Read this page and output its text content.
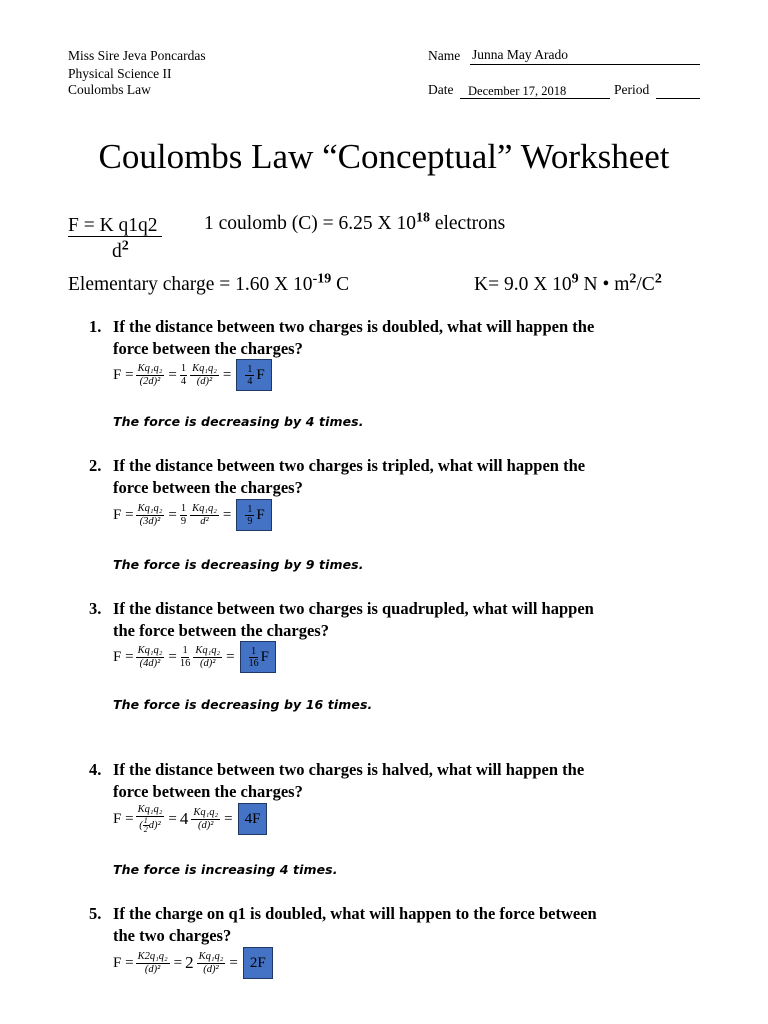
Miss Sire Jeva Poncardas
Physical Science II
Coulombs Law
Name Junna May Arado
Date December 17, 2018	Period
Coulombs Law “Conceptual” Worksheet
F = K q1q2
$d^2$
1 coulomb (C) = 6.25 X $10^{18}$ electrons
Elementary charge = 1.60 X $10^{-19}$ C	K= 9.0 X $10^9$ N • $m^2/C^2$
1. If the distance between two charges is doubled, what will happen the
force between the charges?
$F = \frac{\text{Kq₁q₂}}{\text{(2d)²}} = \frac{1}{4} \frac{\text{Kq₁q₂}}{\text{(d)²}} = \frac{1}{4}$ F
The force is decreasing by 4 times.
2. If the distance between two charges is tripled, what will happen the
force between the charges?
$F = \frac{\text{Kq₁q₂}}{\text{(3d)²}} = \frac{1}{9} \frac{\text{Kq₁q₂}}{\text{d²}} = \frac{1}{9}$ F
The force is decreasing by 9 times.
3. If the distance between two charges is quadrupled, what will happen
the force between the charges?
$F = \frac{\text{Kq₁q₂}}{\text{(4d)²}} = \frac{1}{16} \frac{\text{Kq₁q₂}}{\text{(d)²}} = \frac{1}{16}$ F
The force is decreasing by 16 times.
4. If the distance between two charges is halved, what will happen the
force between the charges?
$F = \frac{\text{Kq₁q₂}}{( \frac{1}{2} d)^2} = 4 \frac{\text{Kq₁q₂}}{\text{(d)²}} = 4F$
The force is increasing 4 times.
5. If the charge on q1 is doubled, what will happen to the force between
the two charges?
$F = \frac{\text{K2q₁q₂}}{\text{(d)²}} = 2 \frac{\text{Kq₁q₂}}{\text{(d)²}} = 2F$
